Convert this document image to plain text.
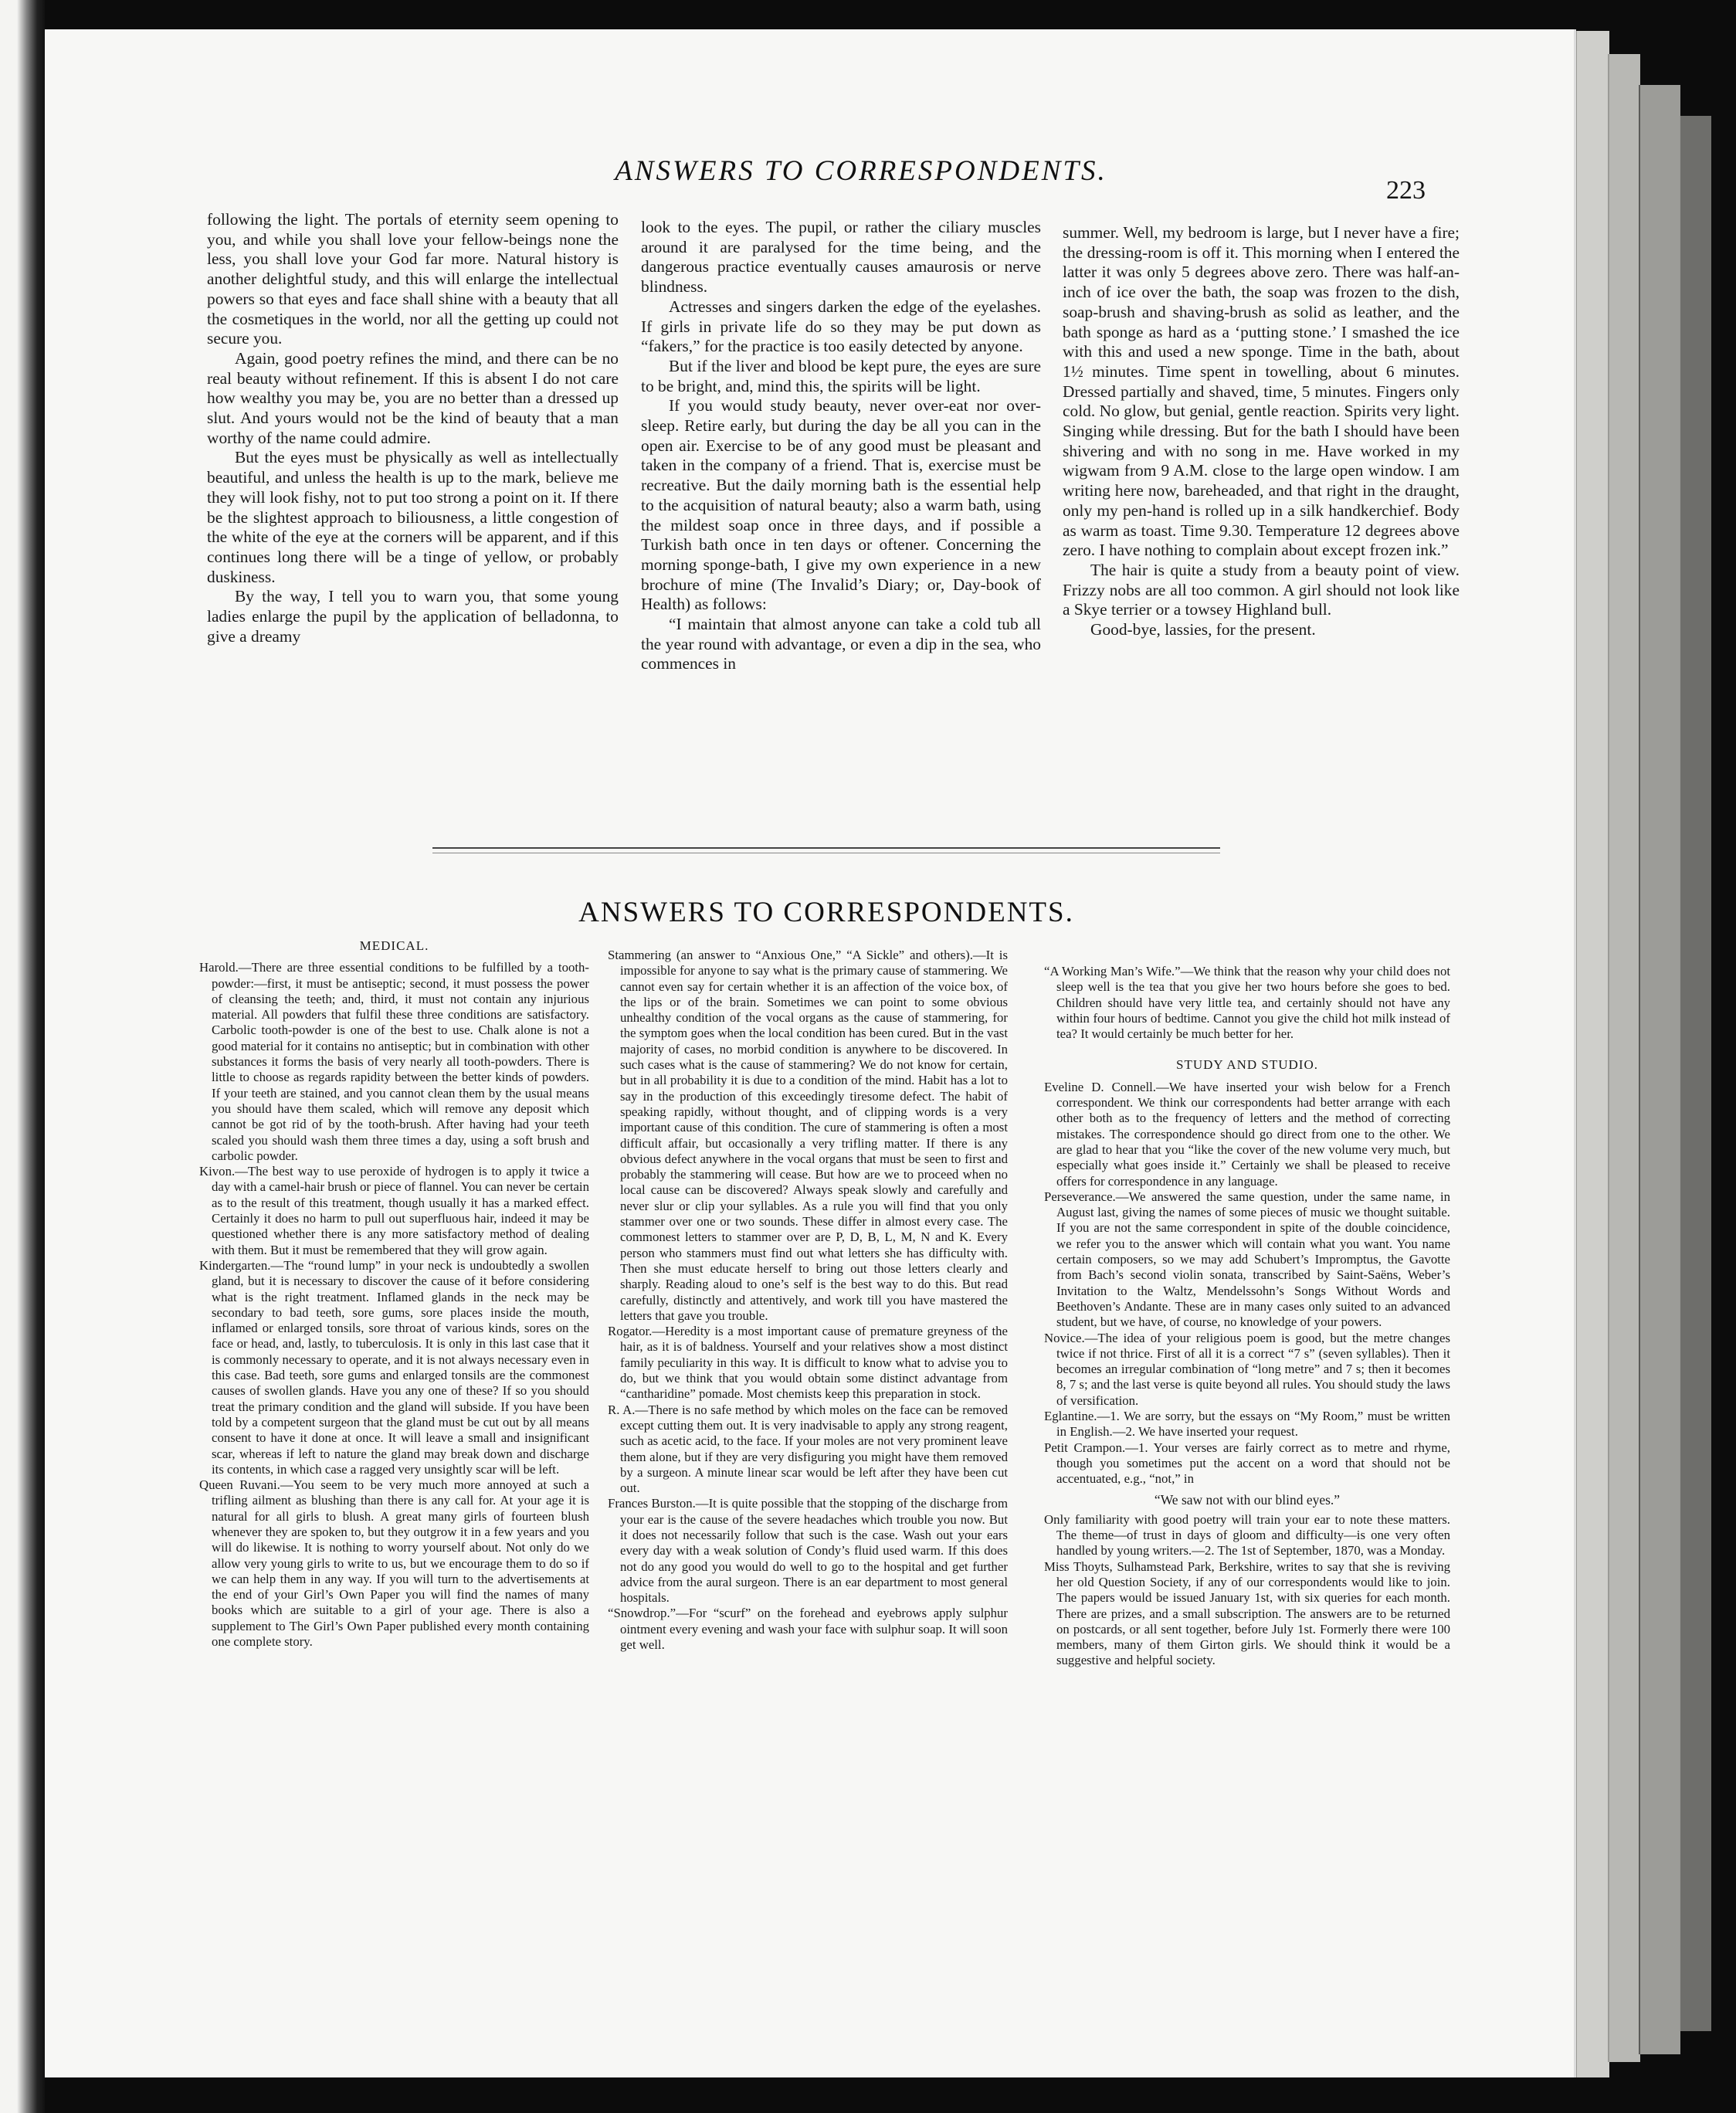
ANSWERS TO CORRESPONDENTS.
223

following the light. The portals of eternity seem opening to you, and while you shall love your fellow-beings none the less, you shall love your God far more. Natural history is another delightful study, and this will enlarge the intellectual powers so that eyes and face shall shine with a beauty that all the cosmetiques in the world, nor all the getting up could not secure you.

Again, good poetry refines the mind, and there can be no real beauty without refinement. If this is absent I do not care how wealthy you may be, you are no better than a dressed up slut. And yours would not be the kind of beauty that a man worthy of the name could admire.

But the eyes must be physically as well as intellectually beautiful, and unless the health is up to the mark, believe me they will look fishy, not to put too strong a point on it. If there be the slightest approach to biliousness, a little congestion of the white of the eye at the corners will be apparent, and if this continues long there will be a tinge of yellow, or probably duskiness.

By the way, I tell you to warn you, that some young ladies enlarge the pupil by the application of belladonna, to give a dreamy

look to the eyes. The pupil, or rather the ciliary muscles around it are paralysed for the time being, and the dangerous practice eventually causes amaurosis or nerve blindness.

Actresses and singers darken the edge of the eyelashes. If girls in private life do so they may be put down as “fakers,” for the practice is too easily detected by anyone.

But if the liver and blood be kept pure, the eyes are sure to be bright, and, mind this, the spirits will be light.

If you would study beauty, never over-eat nor over-sleep. Retire early, but during the day be all you can in the open air. Exercise to be of any good must be pleasant and taken in the company of a friend. That is, exercise must be recreative. But the daily morning bath is the essential help to the acquisition of natural beauty; also a warm bath, using the mildest soap once in three days, and if possible a Turkish bath once in ten days or oftener. Concerning the morning sponge-bath, I give my own experience in a new brochure of mine (The Invalid’s Diary; or, Day-book of Health) as follows:

“I maintain that almost anyone can take a cold tub all the year round with advantage, or even a dip in the sea, who commences in

summer. Well, my bedroom is large, but I never have a fire; the dressing-room is off it. This morning when I entered the latter it was only 5 degrees above zero. There was half-an-inch of ice over the bath, the soap was frozen to the dish, soap-brush and shaving-brush as solid as leather, and the bath sponge as hard as a ‘putting stone.’ I smashed the ice with this and used a new sponge. Time in the bath, about 1½ minutes. Time spent in towelling, about 6 minutes. Dressed partially and shaved, time, 5 minutes. Fingers only cold. No glow, but genial, gentle reaction. Spirits very light. Singing while dressing. But for the bath I should have been shivering and with no song in me. Have worked in my wigwam from 9 A.M. close to the large open window. I am writing here now, bareheaded, and that right in the draught, only my pen-hand is rolled up in a silk handkerchief. Body as warm as toast. Time 9.30. Temperature 12 degrees above zero. I have nothing to complain about except frozen ink.”

The hair is quite a study from a beauty point of view. Frizzy nobs are all too common. A girl should not look like a Skye terrier or a towsey Highland bull.

Good-bye, lassies, for the present.

ANSWERS TO CORRESPONDENTS.

MEDICAL.

Harold.—There are three essential conditions to be fulfilled by a tooth-powder:—first, it must be antiseptic; second, it must possess the power of cleansing the teeth; and, third, it must not contain any injurious material. All powders that fulfil these three conditions are satisfactory. Carbolic tooth-powder is one of the best to use. Chalk alone is not a good material for it contains no antiseptic; but in combination with other substances it forms the basis of very nearly all tooth-powders. There is little to choose as regards rapidity between the better kinds of powders. If your teeth are stained, and you cannot clean them by the usual means you should have them scaled, which will remove any deposit which cannot be got rid of by the tooth-brush. After having had your teeth scaled you should wash them three times a day, using a soft brush and carbolic powder.

Kivon.—The best way to use peroxide of hydrogen is to apply it twice a day with a camel-hair brush or piece of flannel. You can never be certain as to the result of this treatment, though usually it has a marked effect. Certainly it does no harm to pull out superfluous hair, indeed it may be questioned whether there is any more satisfactory method of dealing with them. But it must be remembered that they will grow again.

Kindergarten.—The “round lump” in your neck is undoubtedly a swollen gland, but it is necessary to discover the cause of it before considering what is the right treatment. Inflamed glands in the neck may be secondary to bad teeth, sore gums, sore places inside the mouth, inflamed or enlarged tonsils, sore throat of various kinds, sores on the face or head, and, lastly, to tuberculosis. It is only in this last case that it is commonly necessary to operate, and it is not always necessary even in this case. Bad teeth, sore gums and enlarged tonsils are the commonest causes of swollen glands. Have you any one of these? If so you should treat the primary condition and the gland will subside. If you have been told by a competent surgeon that the gland must be cut out by all means consent to have it done at once. It will leave a small and insignificant scar, whereas if left to nature the gland may break down and discharge its contents, in which case a ragged very unsightly scar will be left.

Queen Ruvani.—You seem to be very much more annoyed at such a trifling ailment as blushing than there is any call for. At your age it is natural for all girls to blush. A great many girls of fourteen blush whenever they are spoken to, but they outgrow it in a few years and you will do likewise. It is nothing to worry yourself about. Not only do we allow very young girls to write to us, but we encourage them to do so if we can help them in any way. If you will turn to the advertisements at the end of your Girl’s Own Paper you will find the names of many books which are suitable to a girl of your age. There is also a supplement to The Girl’s Own Paper published every month containing one complete story.

Stammering (an answer to “Anxious One,” “A Sickle” and others).—It is impossible for anyone to say what is the primary cause of stammering. We cannot even say for certain whether it is an affection of the voice box, of the lips or of the brain. Sometimes we can point to some obvious unhealthy condition of the vocal organs as the cause of stammering, for the symptom goes when the local condition has been cured. But in the vast majority of cases, no morbid condition is anywhere to be discovered. In such cases what is the cause of stammering? We do not know for certain, but in all probability it is due to a condition of the mind. Habit has a lot to say in the production of this exceedingly tiresome defect. The habit of speaking rapidly, without thought, and of clipping words is a very important cause of this condition. The cure of stammering is often a most difficult affair, but occasionally a very trifling matter. If there is any obvious defect anywhere in the vocal organs that must be seen to first and probably the stammering will cease. But how are we to proceed when no local cause can be discovered? Always speak slowly and carefully and never slur or clip your syllables. As a rule you will find that you only stammer over one or two sounds. These differ in almost every case. The commonest letters to stammer over are P, D, B, L, M, N and K. Every person who stammers must find out what letters she has difficulty with. Then she must educate herself to bring out those letters clearly and sharply. Reading aloud to one’s self is the best way to do this. But read carefully, distinctly and attentively, and work till you have mastered the letters that gave you trouble.

Rogator.—Heredity is a most important cause of premature greyness of the hair, as it is of baldness. Yourself and your relatives show a most distinct family peculiarity in this way. It is difficult to know what to advise you to do, but we think that you would obtain some distinct advantage from “cantharidine” pomade. Most chemists keep this preparation in stock.

R. A.—There is no safe method by which moles on the face can be removed except cutting them out. It is very inadvisable to apply any strong reagent, such as acetic acid, to the face. If your moles are not very prominent leave them alone, but if they are very disfiguring you might have them removed by a surgeon. A minute linear scar would be left after they have been cut out.

Frances Burston.—It is quite possible that the stopping of the discharge from your ear is the cause of the severe headaches which trouble you now. But it does not necessarily follow that such is the case. Wash out your ears every day with a weak solution of Condy’s fluid used warm. If this does not do any good you would do well to go to the hospital and get further advice from the aural surgeon. There is an ear department to most general hospitals.

“Snowdrop.”—For “scurf” on the forehead and eyebrows apply sulphur ointment every evening and wash your face with sulphur soap. It will soon get well.

“A Working Man’s Wife.”—We think that the reason why your child does not sleep well is the tea that you give her two hours before she goes to bed. Children should have very little tea, and certainly should not have any within four hours of bedtime. Cannot you give the child hot milk instead of tea? It would certainly be much better for her.

STUDY AND STUDIO.

Eveline D. Connell.—We have inserted your wish below for a French correspondent. We think our correspondents had better arrange with each other both as to the frequency of letters and the method of correcting mistakes. The correspondence should go direct from one to the other. We are glad to hear that you “like the cover of the new volume very much, but especially what goes inside it.” Certainly we shall be pleased to receive offers for correspondence in any language.

Perseverance.—We answered the same question, under the same name, in August last, giving the names of some pieces of music we thought suitable. If you are not the same correspondent in spite of the double coincidence, we refer you to the answer which will contain what you want. You name certain composers, so we may add Schubert’s Impromptus, the Gavotte from Bach’s second violin sonata, transcribed by Saint-Saëns, Weber’s Invitation to the Waltz, Mendelssohn’s Songs Without Words and Beethoven’s Andante. These are in many cases only suited to an advanced student, but we have, of course, no knowledge of your powers.

Novice.—The idea of your religious poem is good, but the metre changes twice if not thrice. First of all it is a correct “7 s” (seven syllables). Then it becomes an irregular combination of “long metre” and 7 s; then it becomes 8, 7 s; and the last verse is quite beyond all rules. You should study the laws of versification.

Eglantine.—1. We are sorry, but the essays on “My Room,” must be written in English.—2. We have inserted your request.

Petit Crampon.—1. Your verses are fairly correct as to metre and rhyme, though you sometimes put the accent on a word that should not be accentuated, e.g., “not,” in

“We saw not with our blind eyes.”

Only familiarity with good poetry will train your ear to note these matters. The theme—of trust in days of gloom and difficulty—is one very often handled by young writers.—2. The 1st of September, 1870, was a Monday.

Miss Thoyts, Sulhamstead Park, Berkshire, writes to say that she is reviving her old Question Society, if any of our correspondents would like to join. The papers would be issued January 1st, with six queries for each month. There are prizes, and a small subscription. The answers are to be returned on postcards, or all sent together, before July 1st. Formerly there were 100 members, many of them Girton girls. We should think it would be a suggestive and helpful society.
